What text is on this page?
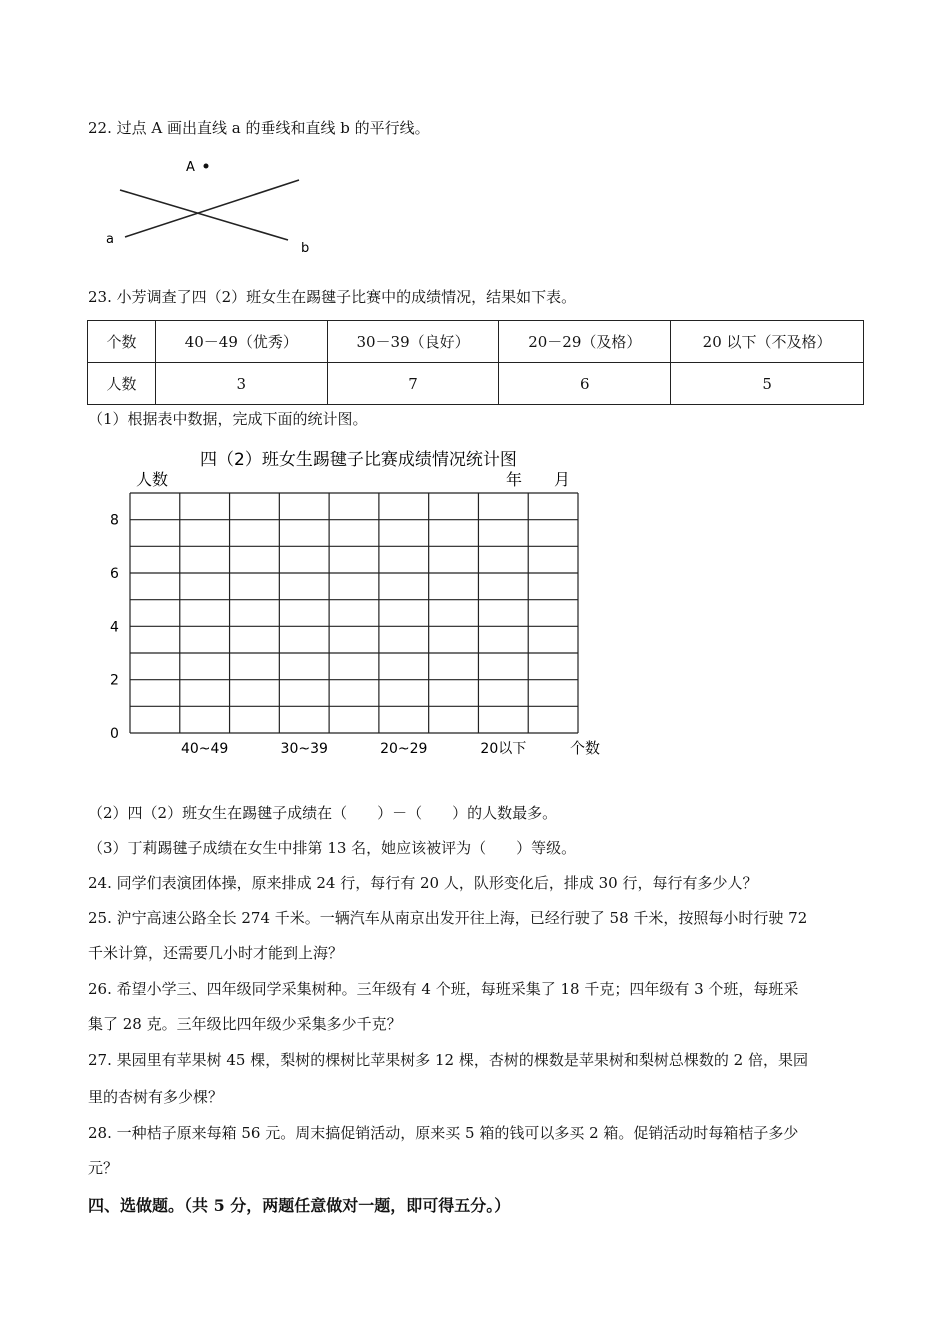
22. 过点 A 画出直线 a 的垂线和直线 b 的平行线。
A
a
b
23. 小芳调查了四（2）班女生在踢毽子比赛中的成绩情况，结果如下表。
个数	40－49（优秀）	30－39（良好）	20－29（及格）	20 以下（不及格）
人数	3	7	6	5
（1）根据表中数据，完成下面的统计图。
四（2）班女生踢毽子比赛成绩情况统计图
人数	年　　月
0
2
4
6
8
40~49	30~39	20~29	20以下	个数
（2）四（2）班女生在踢毽子成绩在（　　）－（　　）的人数最多。
（3）丁莉踢毽子成绩在女生中排第 13 名，她应该被评为（　　）等级。
24. 同学们表演团体操，原来排成 24 行，每行有 20 人，队形变化后，排成 30 行，每行有多少人？
25. 沪宁高速公路全长 274 千米。一辆汽车从南京出发开往上海，已经行驶了 58 千米，按照每小时行驶 72
千米计算，还需要几小时才能到上海？
26. 希望小学三、四年级同学采集树种。三年级有 4 个班，每班采集了 18 千克；四年级有 3 个班，每班采
集了 28 克。三年级比四年级少采集多少千克？
27. 果园里有苹果树 45 棵，梨树的棵树比苹果树多 12 棵，杏树的棵数是苹果树和梨树总棵数的 2 倍，果园
里的杏树有多少棵？
28. 一种桔子原来每箱 56 元。周末搞促销活动，原来买 5 箱的钱可以多买 2 箱。促销活动时每箱桔子多少
元？
四、选做题。（共 5 分，两题任意做对一题，即可得五分。）
